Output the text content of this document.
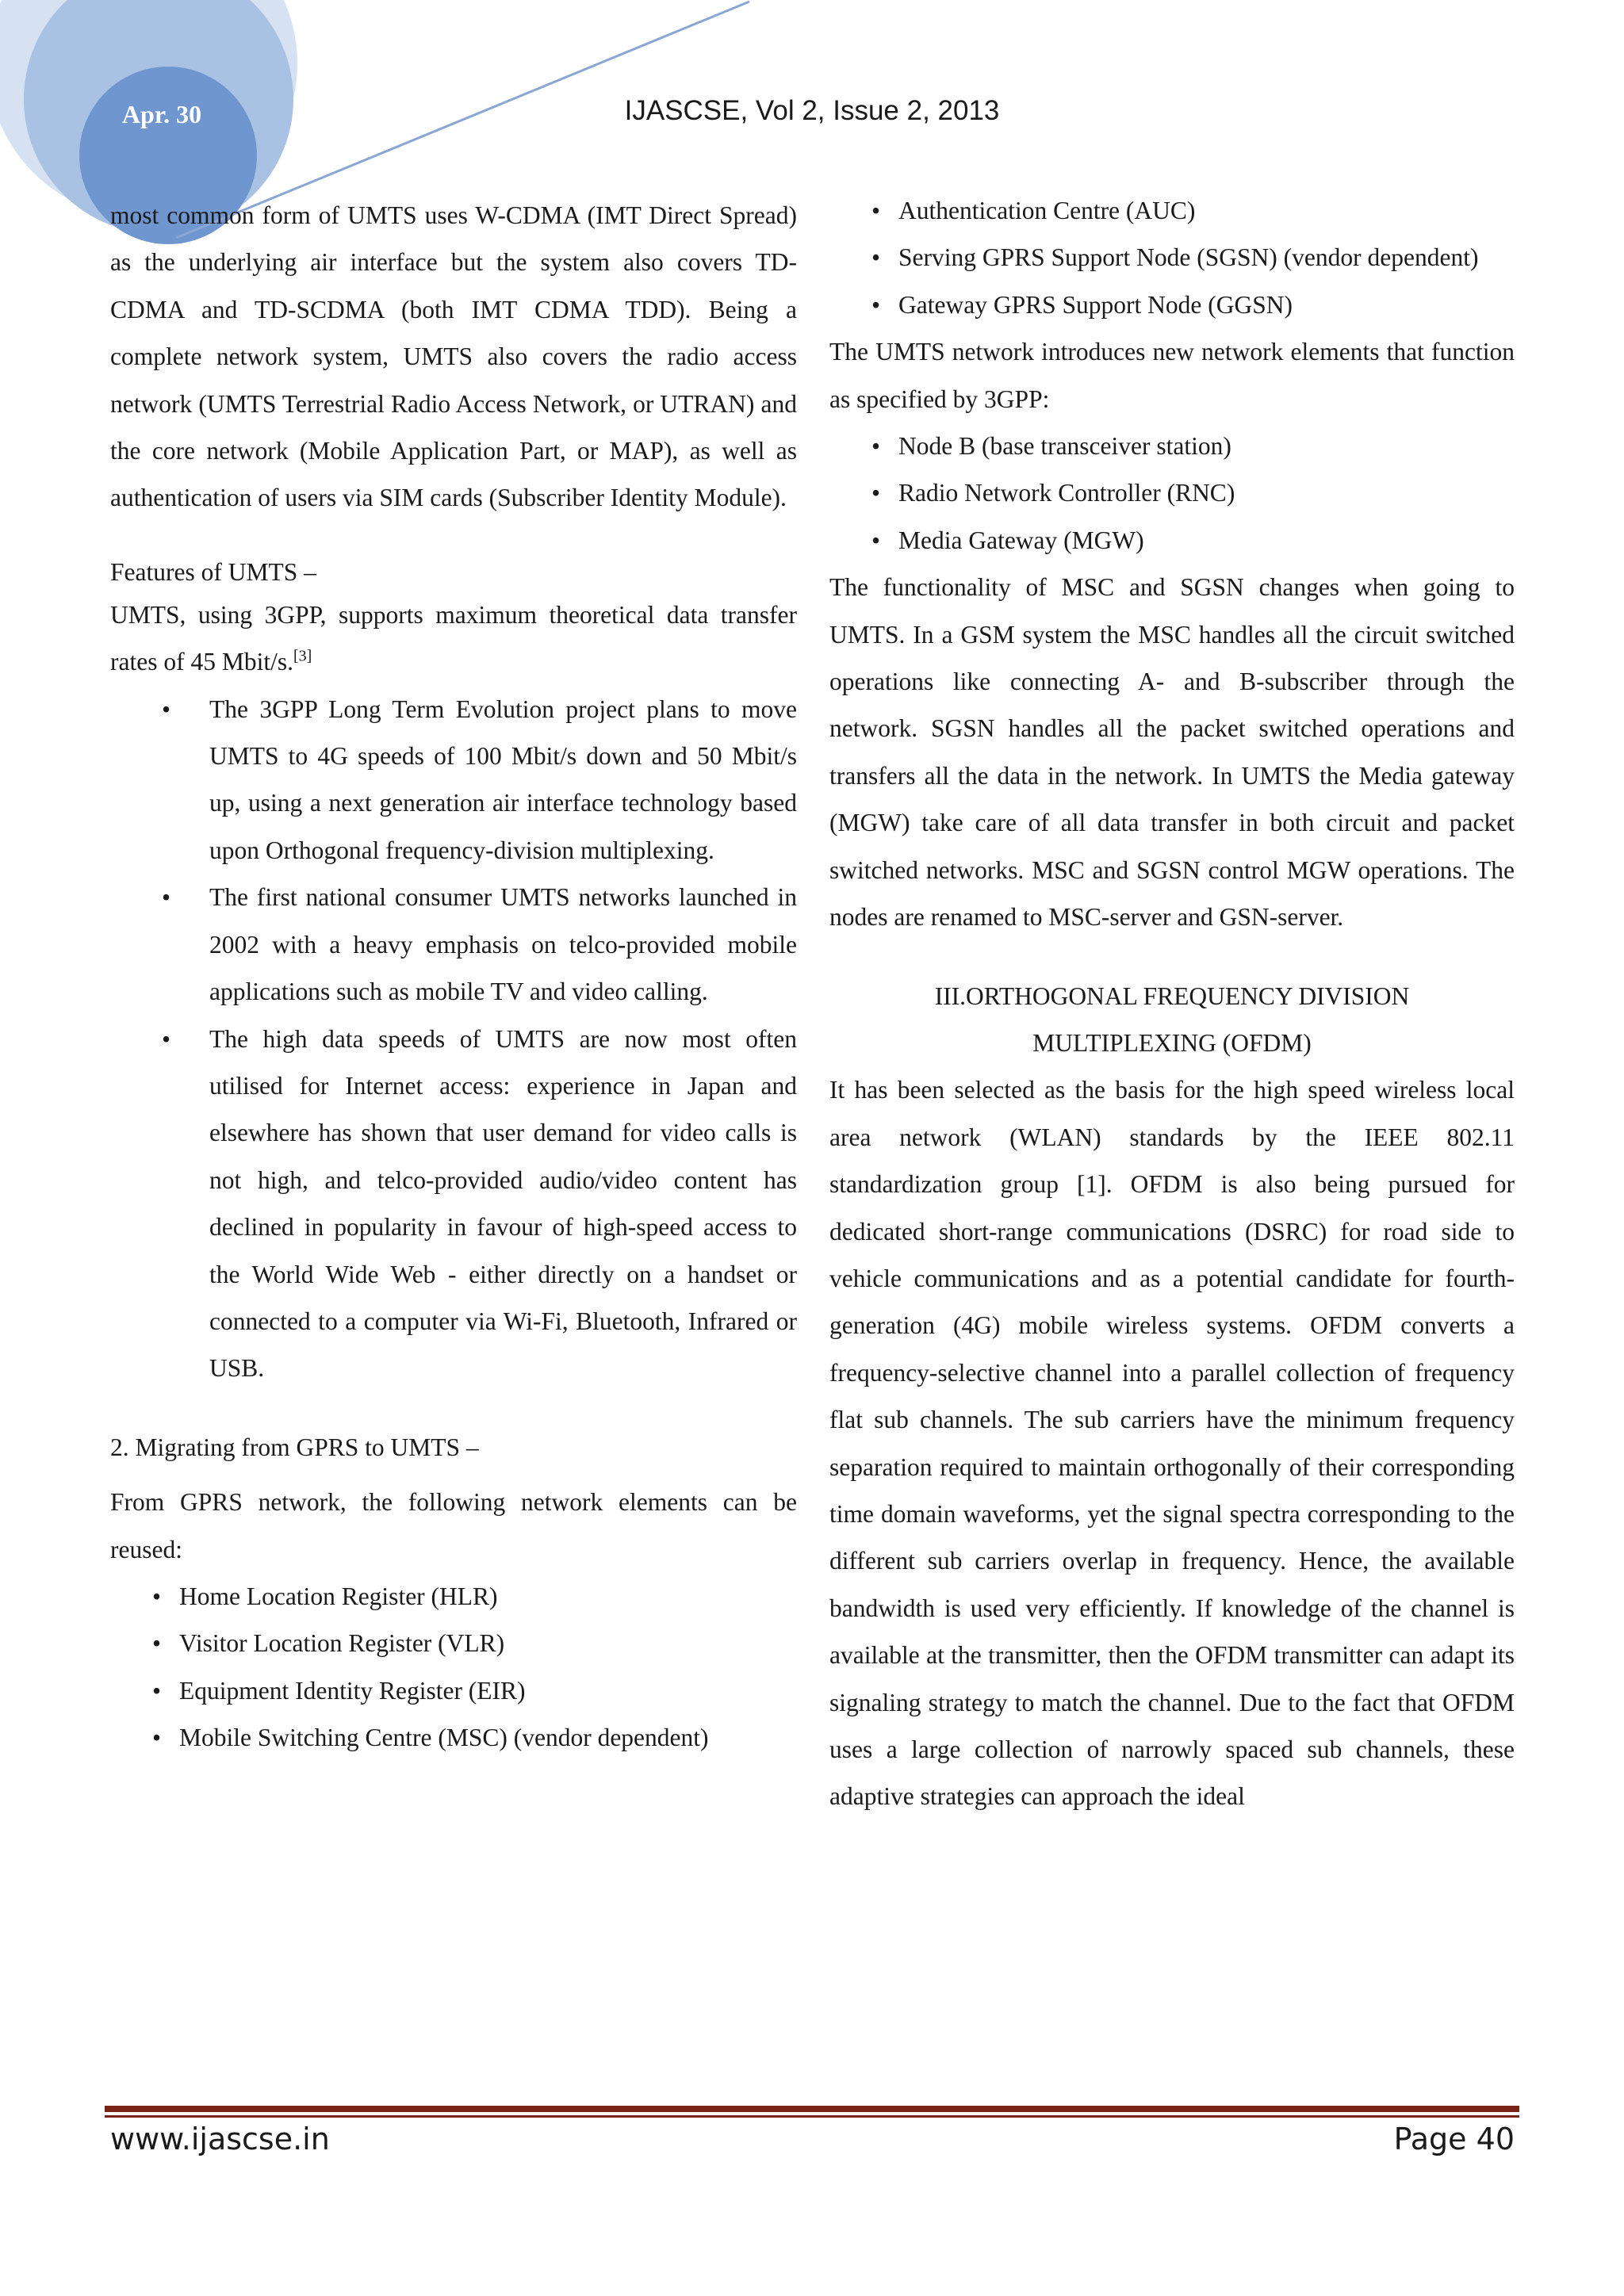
Apr. 30	IJASCSE, Vol 2, Issue 2, 2013

most common form of UMTS uses W-CDMA (IMT Direct Spread) as the underlying air interface but the system also covers TD-CDMA and TD-SCDMA (both IMT CDMA TDD). Being a complete network system, UMTS also covers the radio access network (UMTS Terrestrial Radio Access Network, or UTRAN) and the core network (Mobile Application Part, or MAP), as well as authentication of users via SIM cards (Subscriber Identity Module).

Features of UMTS –

UMTS, using 3GPP, supports maximum theoretical data transfer rates of 45 Mbit/s.[3]

• The 3GPP Long Term Evolution project plans to move UMTS to 4G speeds of 100 Mbit/s down and 50 Mbit/s up, using a next generation air interface technology based upon Orthogonal frequency-division multiplexing.
• The first national consumer UMTS networks launched in 2002 with a heavy emphasis on telco-provided mobile applications such as mobile TV and video calling.
• The high data speeds of UMTS are now most often utilised for Internet access: experience in Japan and elsewhere has shown that user demand for video calls is not high, and telco-provided audio/video content has declined in popularity in favour of high-speed access to the World Wide Web - either directly on a handset or connected to a computer via Wi-Fi, Bluetooth, Infrared or USB.

2. Migrating from GPRS to UMTS –

From GPRS network, the following network elements can be reused:

• Home Location Register (HLR)
• Visitor Location Register (VLR)
• Equipment Identity Register (EIR)
• Mobile Switching Centre (MSC) (vendor dependent)
• Authentication Centre (AUC)
• Serving GPRS Support Node (SGSN) (vendor dependent)
• Gateway GPRS Support Node (GGSN)

The UMTS network introduces new network elements that function as specified by 3GPP:

• Node B (base transceiver station)
• Radio Network Controller (RNC)
• Media Gateway (MGW)

The functionality of MSC and SGSN changes when going to UMTS. In a GSM system the MSC handles all the circuit switched operations like connecting A- and B-subscriber through the network. SGSN handles all the packet switched operations and transfers all the data in the network. In UMTS the Media gateway (MGW) take care of all data transfer in both circuit and packet switched networks. MSC and SGSN control MGW operations. The nodes are renamed to MSC-server and GSN-server.

III.ORTHOGONAL FREQUENCY DIVISION
MULTIPLEXING (OFDM)

It has been selected as the basis for the high speed wireless local area network (WLAN) standards by the IEEE 802.11 standardization group [1]. OFDM is also being pursued for dedicated short-range communications (DSRC) for road side to vehicle communications and as a potential candidate for fourth-generation (4G) mobile wireless systems. OFDM converts a frequency-selective channel into a parallel collection of frequency flat sub channels. The sub carriers have the minimum frequency separation required to maintain orthogonally of their corresponding time domain waveforms, yet the signal spectra corresponding to the different sub carriers overlap in frequency. Hence, the available bandwidth is used very efficiently. If knowledge of the channel is available at the transmitter, then the OFDM transmitter can adapt its signaling strategy to match the channel. Due to the fact that OFDM uses a large collection of narrowly spaced sub channels, these adaptive strategies can approach the ideal

www.ijascse.in	Page 40
